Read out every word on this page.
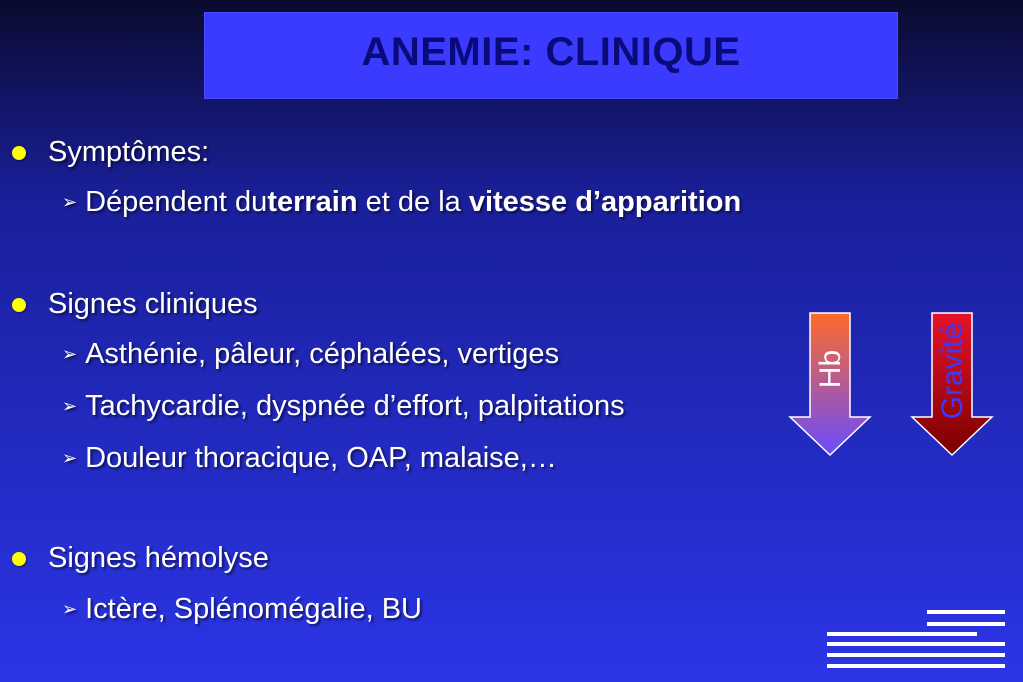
ANEMIE: CLINIQUE
Symptômes:
➢ Dépendent du terrain et de la vitesse d’apparition
Signes cliniques
➢ Asthénie, pâleur, céphalées, vertiges
➢ Tachycardie, dyspnée d’effort, palpitations
➢ Douleur thoracique, OAP, malaise,…
Signes hémolyse
➢ Ictère, Splénomégalie, BU
Hb	Gravité
